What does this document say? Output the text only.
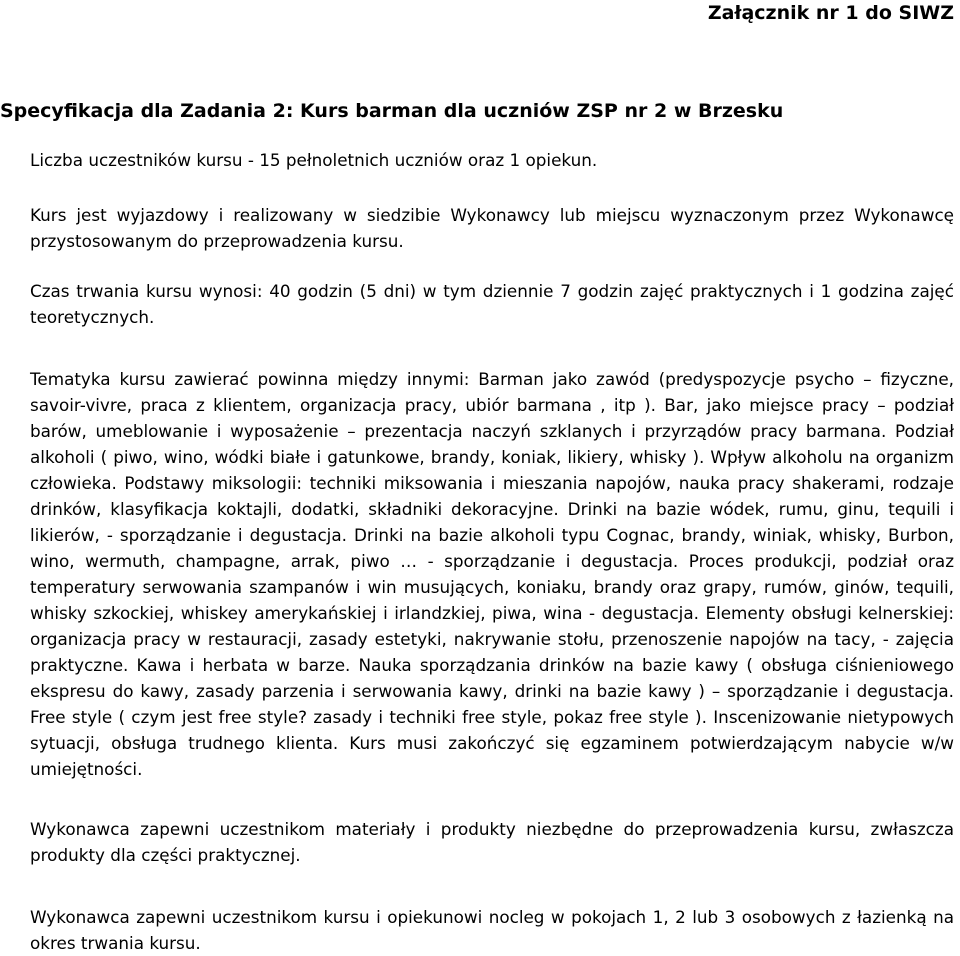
Załącznik nr 1 do SIWZ
Specyfikacja dla Zadania 2: Kurs barman dla uczniów ZSP nr 2 w Brzesku

Liczba uczestników kursu - 15 pełnoletnich uczniów oraz 1 opiekun.

Kurs jest wyjazdowy i realizowany w siedzibie Wykonawcy lub miejscu wyznaczonym przez Wykonawcę przystosowanym do przeprowadzenia kursu.

Czas trwania kursu wynosi: 40 godzin (5 dni) w tym dziennie 7 godzin zajęć praktycznych i 1 godzina zajęć teoretycznych.

Tematyka kursu zawierać powinna między innymi: Barman jako zawód (predyspozycje psycho – fizyczne, savoir-vivre, praca z klientem, organizacja pracy, ubiór barmana , itp ). Bar, jako miejsce pracy – podział barów, umeblowanie i wyposażenie – prezentacja naczyń szklanych i przyrządów pracy barmana. Podział alkoholi ( piwo, wino, wódki białe i gatunkowe, brandy, koniak, likiery, whisky ). Wpływ alkoholu na organizm człowieka. Podstawy miksologii: techniki miksowania i mieszania napojów, nauka pracy shakerami, rodzaje drinków, klasyfikacja koktajli, dodatki, składniki dekoracyjne. Drinki na bazie wódek, rumu, ginu, tequili i likierów, - sporządzanie i degustacja. Drinki na bazie alkoholi typu Cognac, brandy, winiak, whisky, Burbon, wino, wermuth, champagne, arrak, piwo … - sporządzanie i degustacja. Proces produkcji, podział oraz temperatury serwowania szampanów i win musujących, koniaku, brandy oraz grapy, rumów, ginów, tequili, whisky szkockiej, whiskey amerykańskiej i irlandzkiej, piwa, wina - degustacja. Elementy obsługi kelnerskiej: organizacja pracy w restauracji, zasady estetyki, nakrywanie stołu, przenoszenie napojów na tacy, - zajęcia praktyczne. Kawa i herbata w barze. Nauka sporządzania drinków na bazie kawy ( obsługa ciśnieniowego ekspresu do kawy, zasady parzenia i serwowania kawy, drinki na bazie kawy ) – sporządzanie i degustacja. Free style ( czym jest free style? zasady i techniki free style, pokaz free style ). Inscenizowanie nietypowych sytuacji, obsługa trudnego klienta. Kurs musi zakończyć się egzaminem potwierdzającym nabycie w/w umiejętności.

Wykonawca zapewni uczestnikom materiały i produkty niezbędne do przeprowadzenia kursu, zwłaszcza produkty dla części praktycznej.

Wykonawca zapewni uczestnikom kursu i opiekunowi nocleg w pokojach 1, 2 lub 3 osobowych z łazienką na okres trwania kursu.
